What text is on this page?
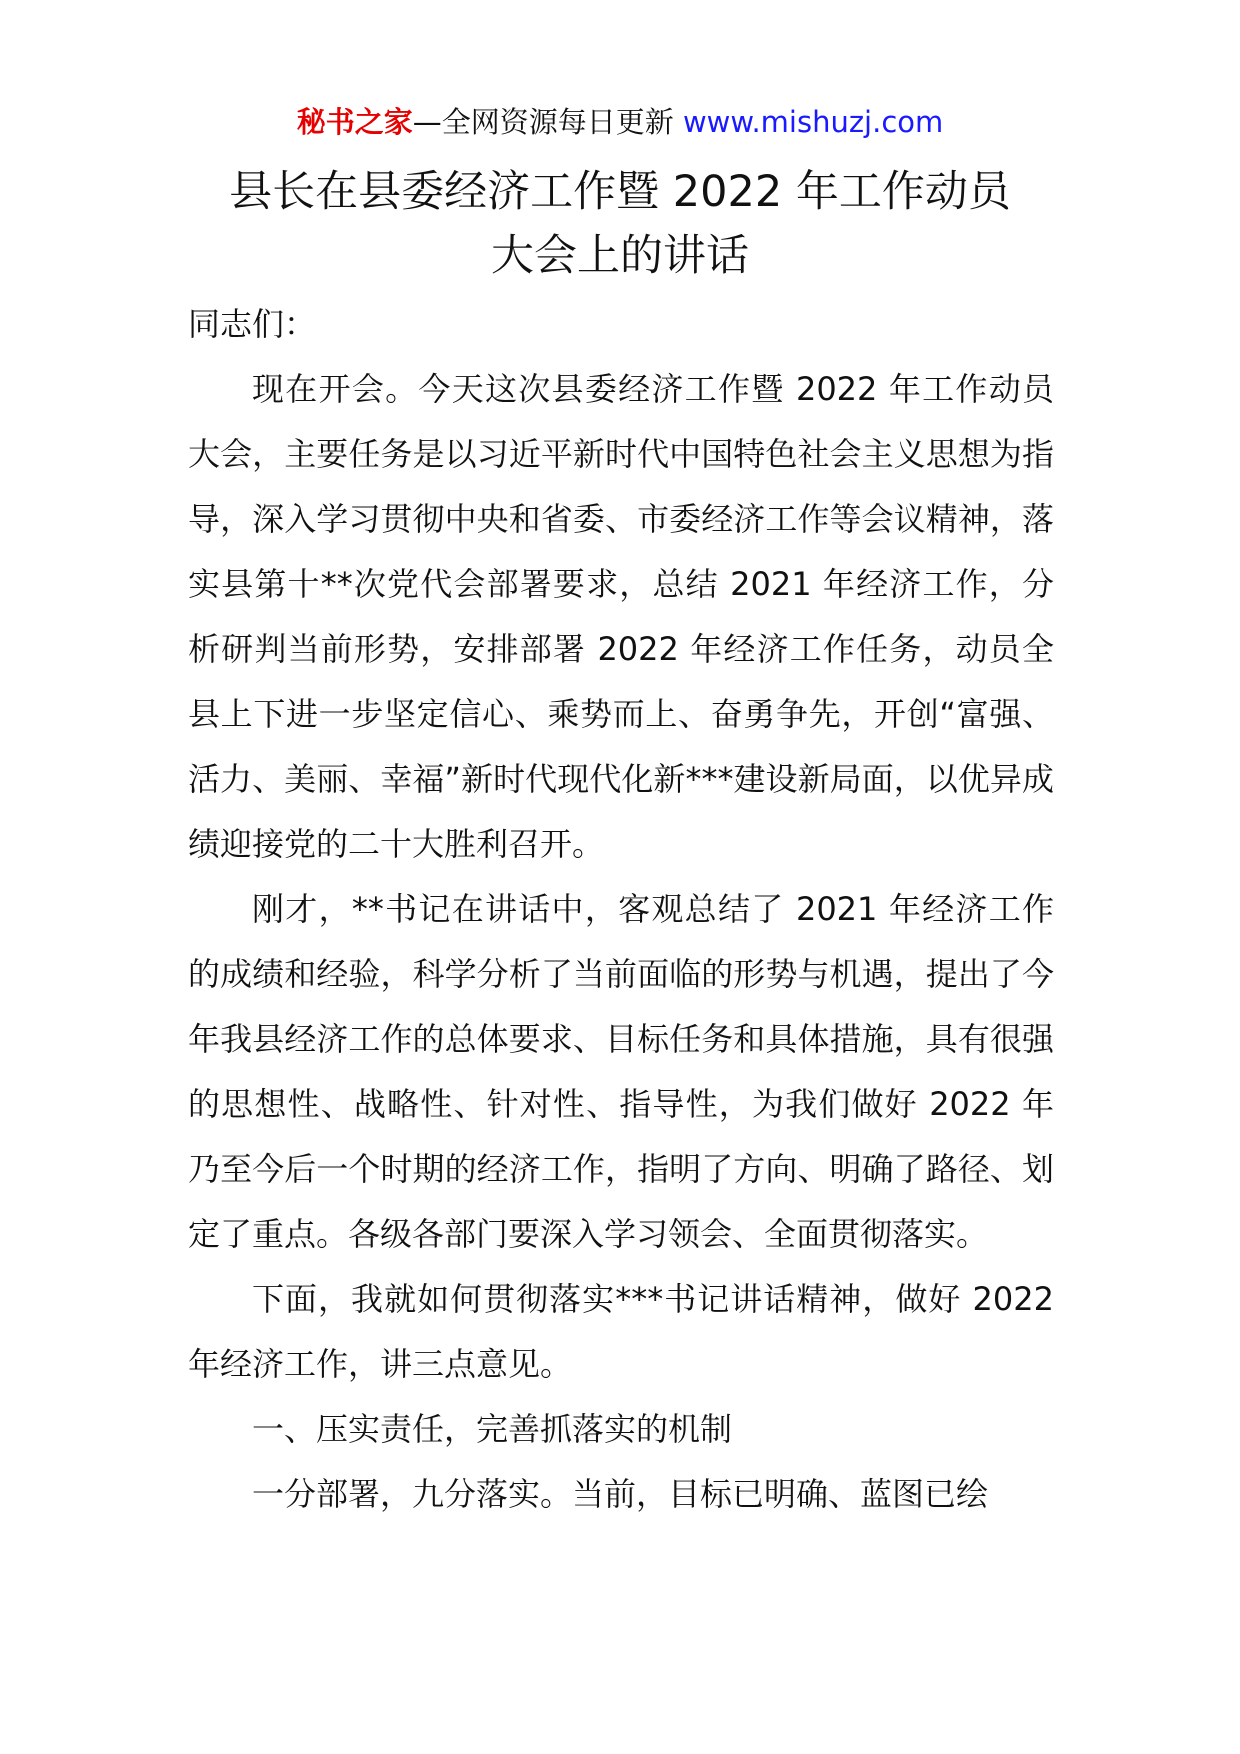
秘书之家—全网资源每日更新 www.mishuzj.com
县长在县委经济工作暨 2022 年工作动员
大会上的讲话

同志们：

现在开会。今天这次县委经济工作暨 2022 年工作动员大会，主要任务是以习近平新时代中国特色社会主义思想为指导，深入学习贯彻中央和省委、市委经济工作等会议精神，落实县第十**次党代会部署要求，总结 2021 年经济工作，分析研判当前形势，安排部署 2022 年经济工作任务，动员全县上下进一步坚定信心、乘势而上、奋勇争先，开创“富强、活力、美丽、幸福”新时代现代化新***建设新局面，以优异成绩迎接党的二十大胜利召开。

刚才，**书记在讲话中，客观总结了 2021 年经济工作的成绩和经验，科学分析了当前面临的形势与机遇，提出了今年我县经济工作的总体要求、目标任务和具体措施，具有很强的思想性、战略性、针对性、指导性，为我们做好 2022 年乃至今后一个时期的经济工作，指明了方向、明确了路径、划定了重点。各级各部门要深入学习领会、全面贯彻落实。

下面，我就如何贯彻落实***书记讲话精神，做好 2022 年经济工作，讲三点意见。

一、压实责任，完善抓落实的机制

一分部署，九分落实。当前，目标已明确、蓝图已绘
